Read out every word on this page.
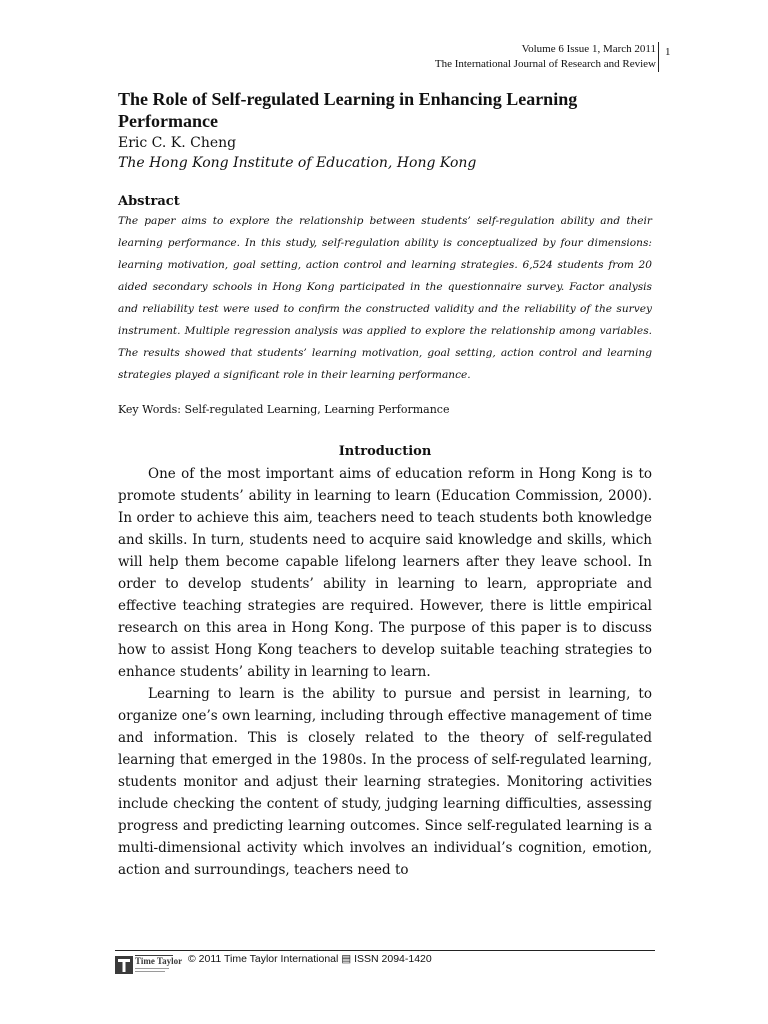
Volume 6 Issue 1, March 2011
The International Journal of Research and Review
1
The Role of Self-regulated Learning in Enhancing Learning Performance
Eric C. K. Cheng
The Hong Kong Institute of Education, Hong Kong
Abstract
The paper aims to explore the relationship between students’ self-regulation ability and their learning performance. In this study, self-regulation ability is conceptualized by four dimensions: learning motivation, goal setting, action control and learning strategies. 6,524 students from 20 aided secondary schools in Hong Kong participated in the questionnaire survey. Factor analysis and reliability test were used to confirm the constructed validity and the reliability of the survey instrument. Multiple regression analysis was applied to explore the relationship among variables. The results showed that students’ learning motivation, goal setting, action control and learning strategies played a significant role in their learning performance.
Key Words: Self-regulated Learning, Learning Performance
Introduction

One of the most important aims of education reform in Hong Kong is to promote students’ ability in learning to learn (Education Commission, 2000). In order to achieve this aim, teachers need to teach students both knowledge and skills. In turn, students need to acquire said knowledge and skills, which will help them become capable lifelong learners after they leave school. In order to develop students’ ability in learning to learn, appropriate and effective teaching strategies are required. However, there is little empirical research on this area in Hong Kong. The purpose of this paper is to discuss how to assist Hong Kong teachers to develop suitable teaching strategies to enhance students’ ability in learning to learn.

Learning to learn is the ability to pursue and persist in learning, to organize one’s own learning, including through effective management of time and information. This is closely related to the theory of self-regulated learning that emerged in the 1980s. In the process of self-regulated learning, students monitor and adjust their learning strategies. Monitoring activities include checking the content of study, judging learning difficulties, assessing progress and predicting learning outcomes. Since self-regulated learning is a multi-dimensional activity which involves an individual’s cognition, emotion, action and surroundings, teachers need to

Time Taylor © 2011 Time Taylor International ▤ ISSN 2094-1420
